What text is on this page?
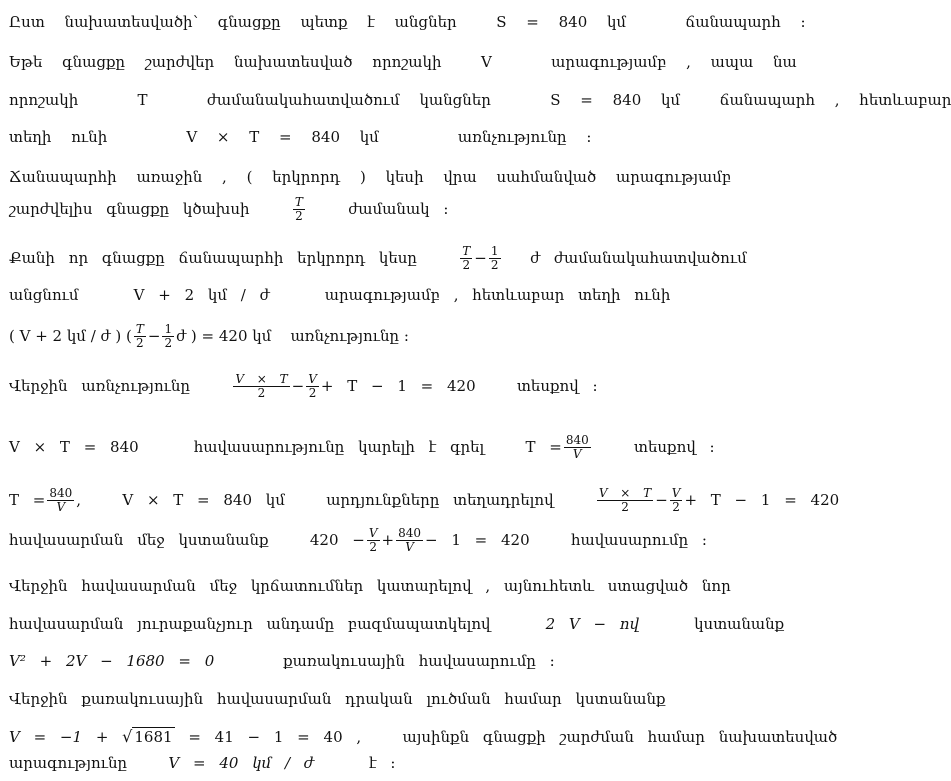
Ըստ նախատեսվածի՝ գնացքը պետք է անցներ	S = 840 կմ	ճանապարհ :
Եթե գնացքը շարժվեր նախատեսված որոշակի	V	արագությամբ , ապա նա
որոշակի	T	ժամանակահատվածում կանցներ	S = 840 կմ	ճանապարհ , հետևաբար
տեղի ունի	V × T = 840 կմ	առնչությունը :
Ճանապարհի առաջին , ( երկրորդ ) կեսի վրա սահմանված արագությամբ
շարժվելիս գնացքը կծախսի
	$\frac{T}{2}$
	ժամանակ :
Քանի որ գնացքը ճանապարհի երկրորդ կեսը
	$\frac{T}{2} - \frac{1}{2}$
ժ ժամանակահատվածում
անցնում	V + 2 կմ / ժ	արագությամբ , հետևաբար տեղի ունի
( V + 2 կմ / ժ ) ( $\frac{T}{2} - \frac{1}{2}$ ժ ) = 420 կմ
առնչությունը :
Վերջին առնչությունը
	$\frac{V \times T}{2} - \frac{V}{2} + T - 1 = 420$
	տեսքով :
V × T = 840
	հավասարությունը կարելի է գրել
	$T = \frac{840}{V}$
	տեսքով :
$T = \frac{840}{V}$ ,
	V × T = 840 կմ
	արդյունքները տեղադրելով
	$\frac{V \times T}{2} - \frac{V}{2} + T - 1 = 420$
հավասարման մեջ կստանանք
	$420 - \frac{V}{2} + \frac{840}{V} - 1 = 420$
	հավասարումը :
Վերջին հավասարման մեջ կրճատումներ կատարելով , այնուհետև ստացված նոր
հավասարման յուրաքանչյուր անդամը բազմապատկելով	2 V − ով	կստանանք
V² + 2V − 1680 = 0	քառակուսային հավասարումը :
Վերջին քառակուսային հավասարման դրական լուծման համար կստանանք
V = −1 + √ 1681 = 41 − 1 = 40 ,	այսինքն գնացքի շարժման համար նախատեսված
արագությունը	V = 40 կմ / ժ	է :
